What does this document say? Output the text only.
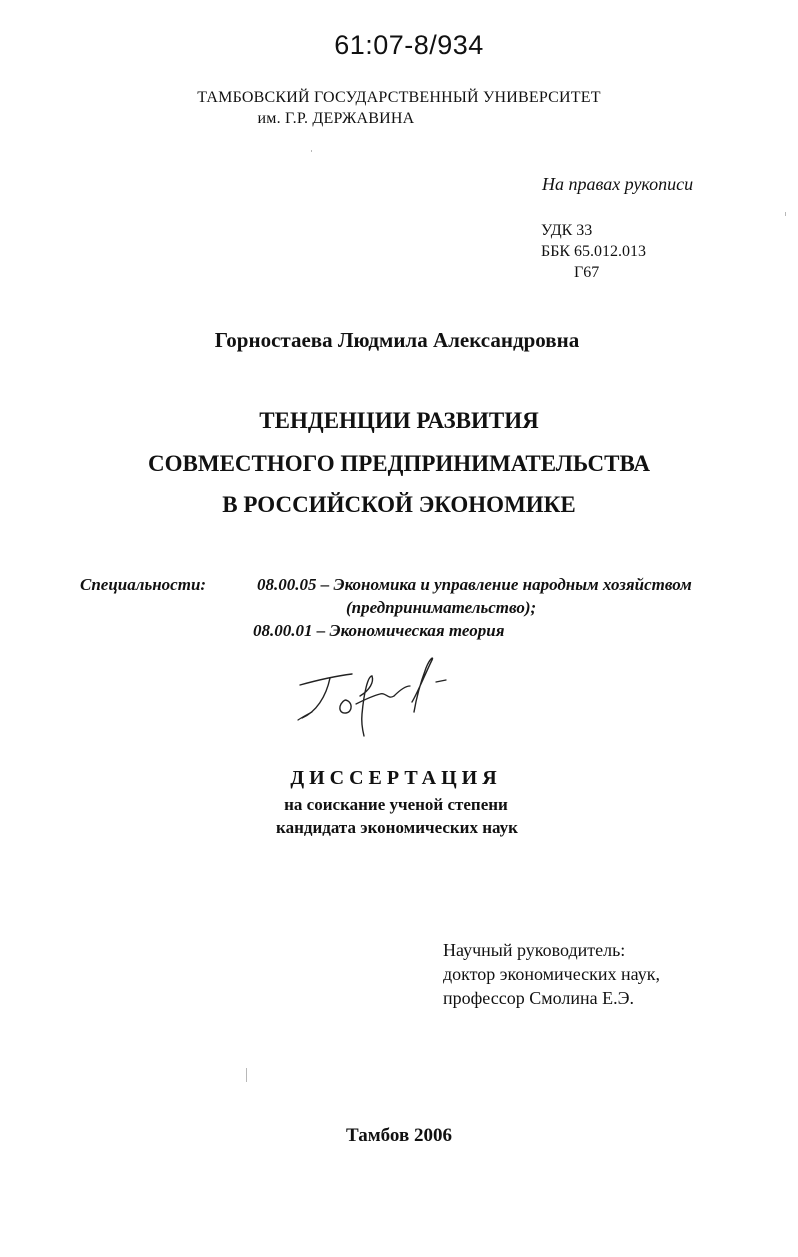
61:07-8/934
ТАМБОВСКИЙ ГОСУДАРСТВЕННЫЙ УНИВЕРСИТЕТ
им. Г.Р. ДЕРЖАВИНА
На правах рукописи
УДК 33
ББК 65.012.013
Г67
Горностаева Людмила Александровна
ТЕНДЕНЦИИ РАЗВИТИЯ
СОВМЕСТНОГО ПРЕДПРИНИМАТЕЛЬСТВА
В РОССИЙСКОЙ ЭКОНОМИКЕ
Специальности:	08.00.05 – Экономика и управление народным хозяйством
(предпринимательство);
08.00.01 – Экономическая теория
ДИССЕРТАЦИЯ
на соискание ученой степени
кандидата экономических наук
Научный руководитель:
доктор экономических наук,
профессор Смолина Е.Э.
Тамбов 2006
